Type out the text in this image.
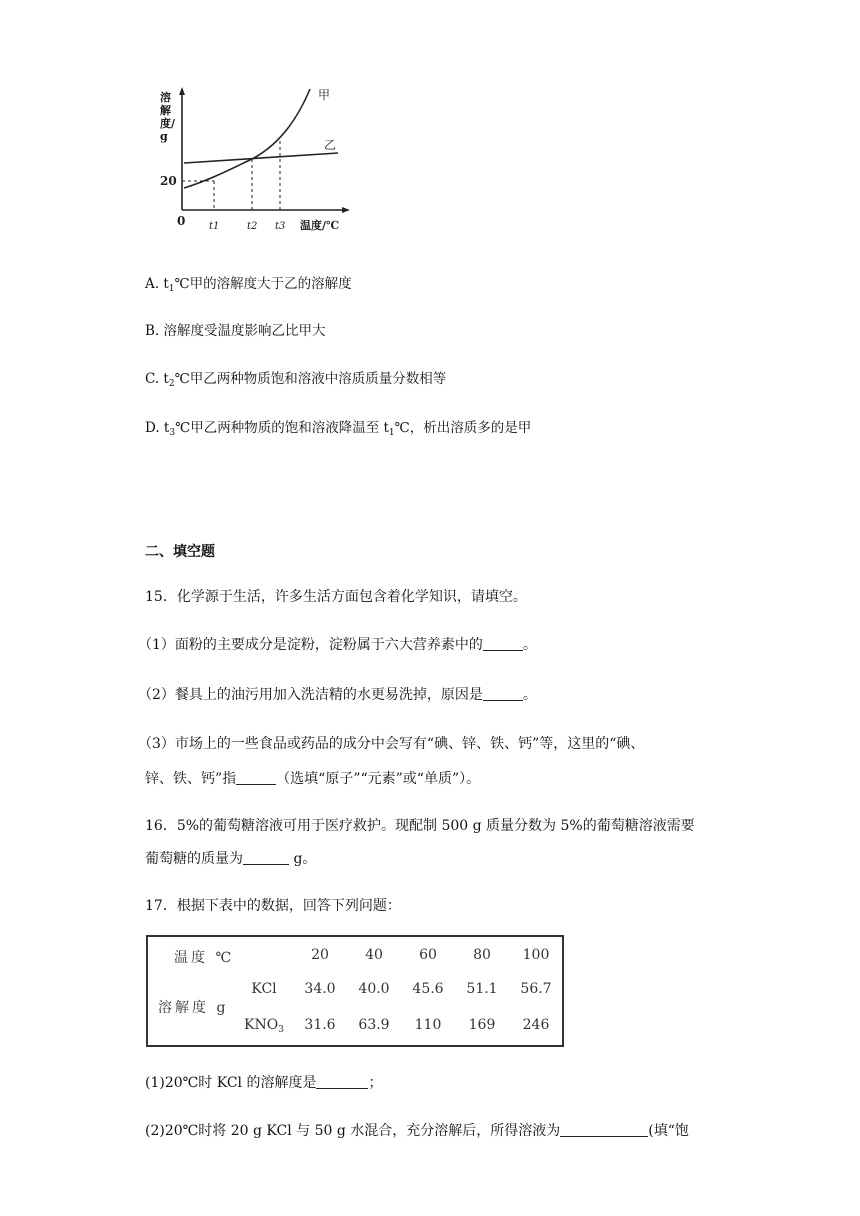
甲
乙
20
0 t1	t2 t3 温度/℃
溶解度/g
A. $t_1℃$甲的溶解度大于乙的溶解度
B. 溶解度受温度影响乙比甲大
C. $t_2℃$甲乙两种物质饱和溶液中溶质质量分数相等
D. $t_3℃$甲乙两种物质的饱和溶液降温至 $t_1℃$，析出溶质多的是甲
二、填空题
15．化学源于生活，许多生活方面包含着化学知识，请填空。
（1）面粉的主要成分是淀粉，淀粉属于六大营养素中的	。
（2）餐具上的油污用加入洗洁精的水更易洗掉，原因是	。
（3）市场上的一些食品或药品的成分中会写有“碘、锌、铁、钙”等，这里的“碘、
锌、铁、钙”指	（选填“原子”“元素”或“单质”）。
16．5%的葡萄糖溶液可用于医疗救护。现配制 500 g 质量分数为 5%的葡萄糖溶液需要
葡萄糖的质量为	g。
17．根据下表中的数据，回答下列问题：
温度 ℃	20	40	60	80	100
溶解度 g
KCl	34.0	40.0	45.6	51.1	56.7
$KNO_3$	31.6	63.9	110	169	246
(1)20℃时 KCl 的溶解度是	；
(2)20℃时将 20 g KCl 与 50 g 水混合，充分溶解后，所得溶液为	(填“饱
